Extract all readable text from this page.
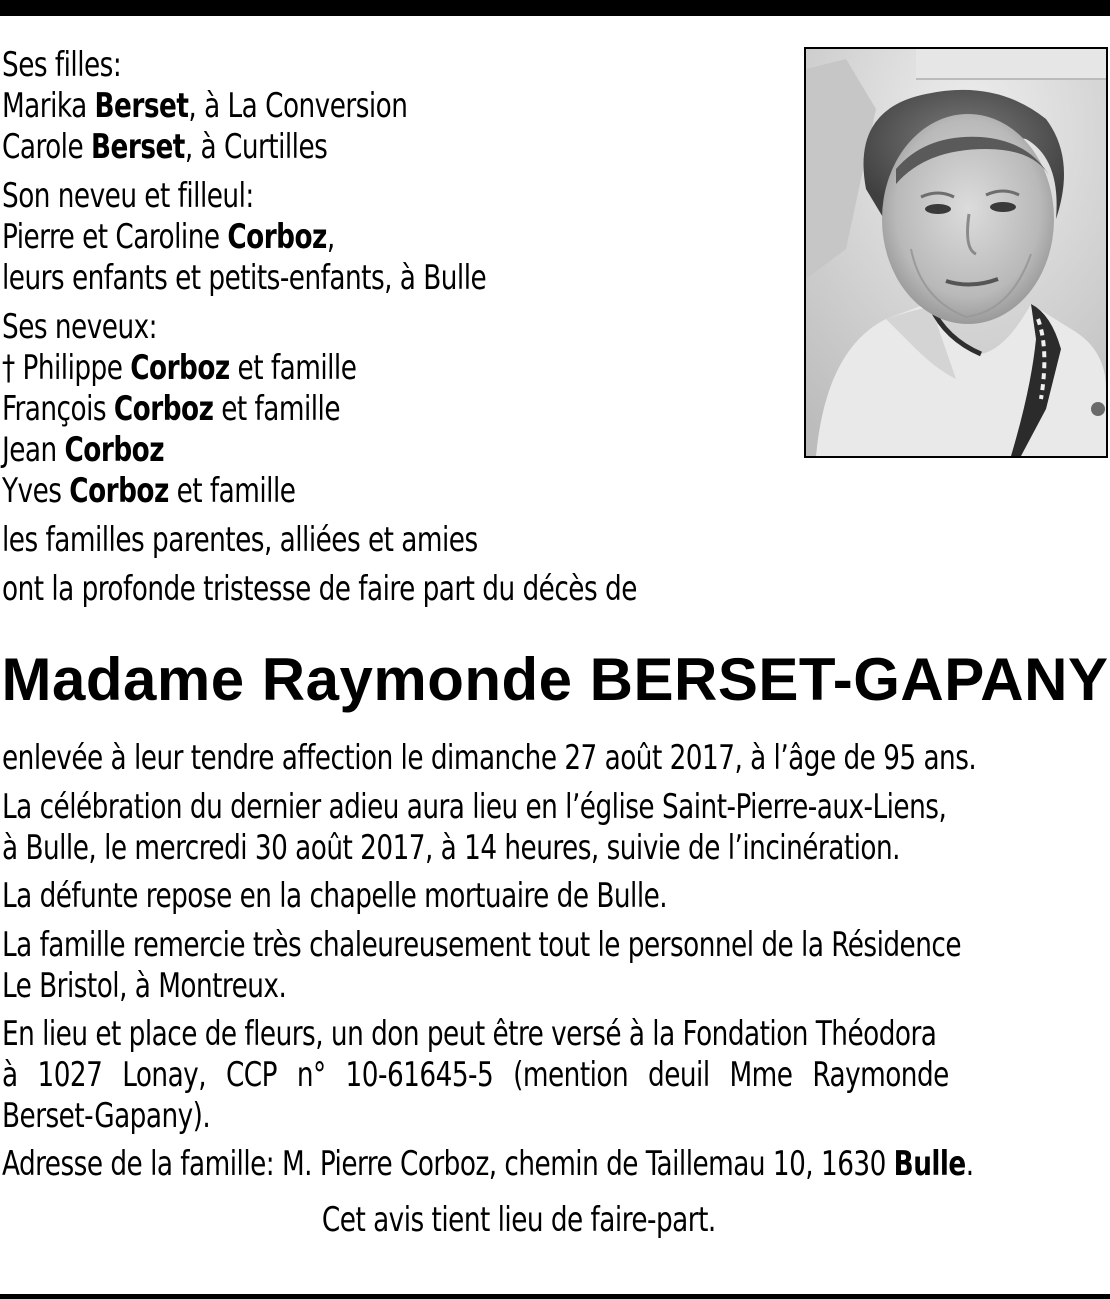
Ses filles:
Marika Berset, à La Conversion
Carole Berset, à Curtilles
Son neveu et filleul:
Pierre et Caroline Corboz,
leurs enfants et petits-enfants, à Bulle
Ses neveux:
† Philippe Corboz et famille
François Corboz et famille
Jean Corboz
Yves Corboz et famille
les familles parentes, alliées et amies
ont la profonde tristesse de faire part du décès de
Madame Raymonde BERSET-GAPANY
enlevée à leur tendre affection le dimanche 27 août 2017, à l’âge de 95 ans.
La célébration du dernier adieu aura lieu en l’église Saint-Pierre-aux-Liens,
à Bulle, le mercredi 30 août 2017, à 14 heures, suivie de l’incinération.
La défunte repose en la chapelle mortuaire de Bulle.
La famille remercie très chaleureusement tout le personnel de la Résidence
Le Bristol, à Montreux.
En lieu et place de fleurs, un don peut être versé à la Fondation Théodora
à 1027 Lonay, CCP n° 10-61645-5 (mention deuil Mme Raymonde
Berset-Gapany).
Adresse de la famille: M. Pierre Corboz, chemin de Taillemau 10, 1630 Bulle.
Cet avis tient lieu de faire-part.
